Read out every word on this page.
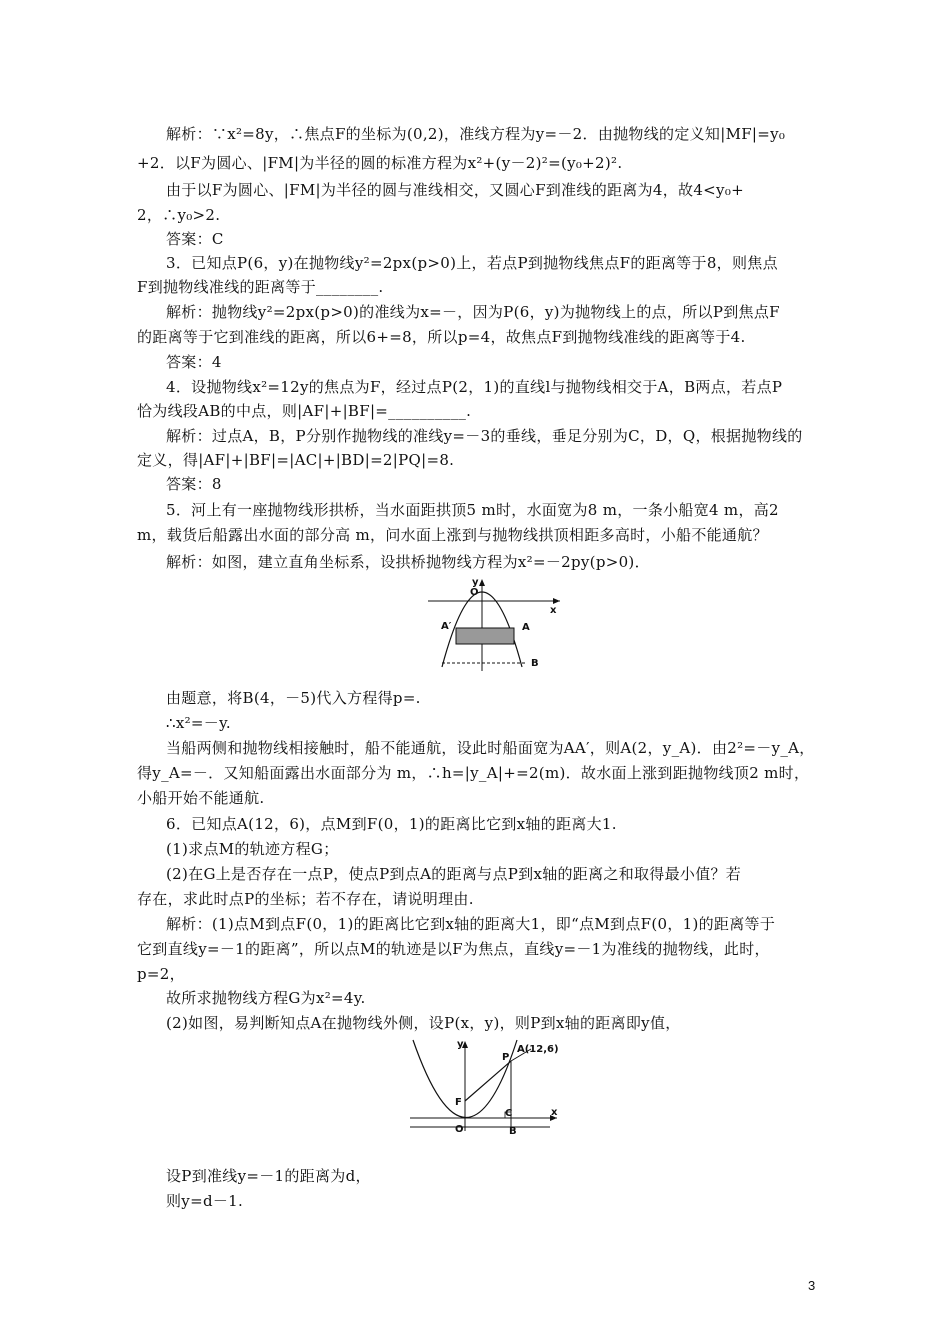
解析：∵x²=8y，∴焦点F的坐标为(0,2)，准线方程为y=－2．由抛物线的定义知|MF|=y₀
+2．以F为圆心、|FM|为半径的圆的标准方程为x²+(y－2)²=(y₀+2)².
由于以F为圆心、|FM|为半径的圆与准线相交，又圆心F到准线的距离为4，故4<y₀+
2，∴y₀>2.
答案：C
3．已知点P(6，y)在抛物线y²=2px(p>0)上，若点P到抛物线焦点F的距离等于8，则焦点
F到抛物线准线的距离等于________.
解析：抛物线y²=2px(p>0)的准线为x=－，因为P(6，y)为抛物线上的点，所以P到焦点F
的距离等于它到准线的距离，所以6+=8，所以p=4，故焦点F到抛物线准线的距离等于4.
答案：4
4．设抛物线x²=12y的焦点为F，经过点P(2，1)的直线l与抛物线相交于A，B两点，若点P
恰为线段AB的中点，则|AF|+|BF|=__________.
解析：过点A，B，P分别作抛物线的准线y=－3的垂线，垂足分别为C，D，Q，根据抛物线的
定义，得|AF|+|BF|=|AC|+|BD|=2|PQ|=8.
答案：8
5．河上有一座抛物线形拱桥，当水面距拱顶5 m时，水面宽为8 m，一条小船宽4 m，高2
m，载货后船露出水面的部分高 m，问水面上涨到与抛物线拱顶相距多高时，小船不能通航？
解析：如图，建立直角坐标系，设拱桥抛物线方程为x²=－2py(p>0)．
O
y
x
A′	A
B
由题意，将B(4，－5)代入方程得p=.
∴x²=－y.
当船两侧和抛物线相接触时，船不能通航，设此时船面宽为AA′，则A(2，y_A)．由2²=－y_A，
得y_A=－．又知船面露出水面部分为 m，∴h=|y_A|+=2(m)．故水面上涨到距抛物线顶2 m时，
小船开始不能通航.
6．已知点A(12，6)，点M到F(0，1)的距离比它到x轴的距离大1.
(1)求点M的轨迹方程G；
(2)在G上是否存在一点P，使点P到点A的距离与点P到x轴的距离之和取得最小值？若
存在，求此时点P的坐标；若不存在，请说明理由.
解析：(1)点M到点F(0，1)的距离比它到x轴的距离大1，即“点M到点F(0，1)的距离等于
它到直线y=－1的距离”，所以点M的轨迹是以F为焦点，直线y=－1为准线的抛物线，此时，
p=2，
故所求抛物线方程G为x²=4y.
(2)如图，易判断知点A在抛物线外侧，设P(x，y)，则P到x轴的距离即y值，
y
x
O
F
P
A(12,6)
C
B
设P到准线y=－1的距离为d，
则y=d－1.
3
